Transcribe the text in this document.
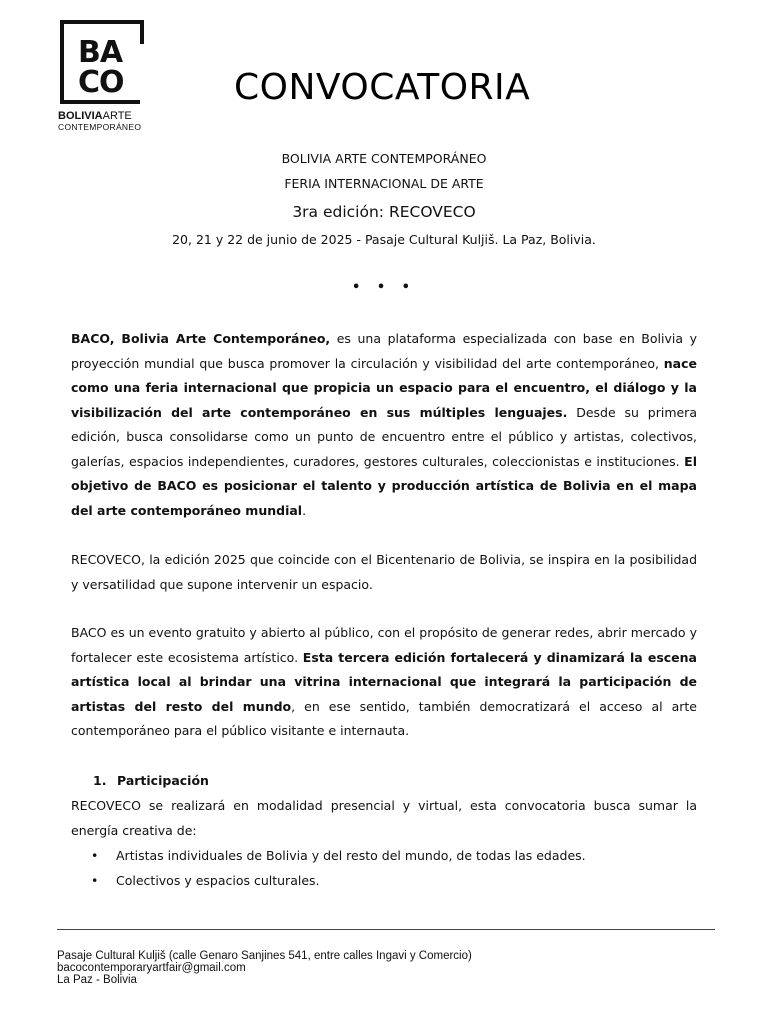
BA
CO
BOLIVIAARTE
CONTEMPORÁNEO
CONVOCATORIA
BOLIVIA ARTE CONTEMPORÁNEO
FERIA INTERNACIONAL DE ARTE
3ra edición: RECOVECO
20, 21 y 22 de junio de 2025 - Pasaje Cultural Kuljiš. La Paz, Bolivia.
• • •
BACO, Bolivia Arte Contemporáneo, es una plataforma especializada con base en Bolivia y proyección mundial que busca promover la circulación y visibilidad del arte contemporáneo, nace como una feria internacional que propicia un espacio para el encuentro, el diálogo y la visibilización del arte contemporáneo en sus múltiples lenguajes. Desde su primera edición, busca consolidarse como un punto de encuentro entre el público y artistas, colectivos, galerías, espacios independientes, curadores, gestores culturales, coleccionistas e instituciones. El objetivo de BACO es posicionar el talento y producción artística de Bolivia en el mapa del arte contemporáneo mundial.
RECOVECO, la edición 2025 que coincide con el Bicentenario de Bolivia, se inspira en la posibilidad y versatilidad que supone intervenir un espacio.
BACO es un evento gratuito y abierto al público, con el propósito de generar redes, abrir mercado y fortalecer este ecosistema artístico. Esta tercera edición fortalecerá y dinamizará la escena artística local al brindar una vitrina internacional que integrará la participación de artistas del resto del mundo, en ese sentido, también democratizará el acceso al arte contemporáneo para el público visitante e internauta.
1. Participación
RECOVECO se realizará en modalidad presencial y virtual, esta convocatoria busca sumar la energía creativa de:
• Artistas individuales de Bolivia y del resto del mundo, de todas las edades.
• Colectivos y espacios culturales.
Pasaje Cultural Kuljiš (calle Genaro Sanjines 541, entre calles Ingavi y Comercio)
bacocontemporaryartfair@gmail.com
La Paz - Bolivia
